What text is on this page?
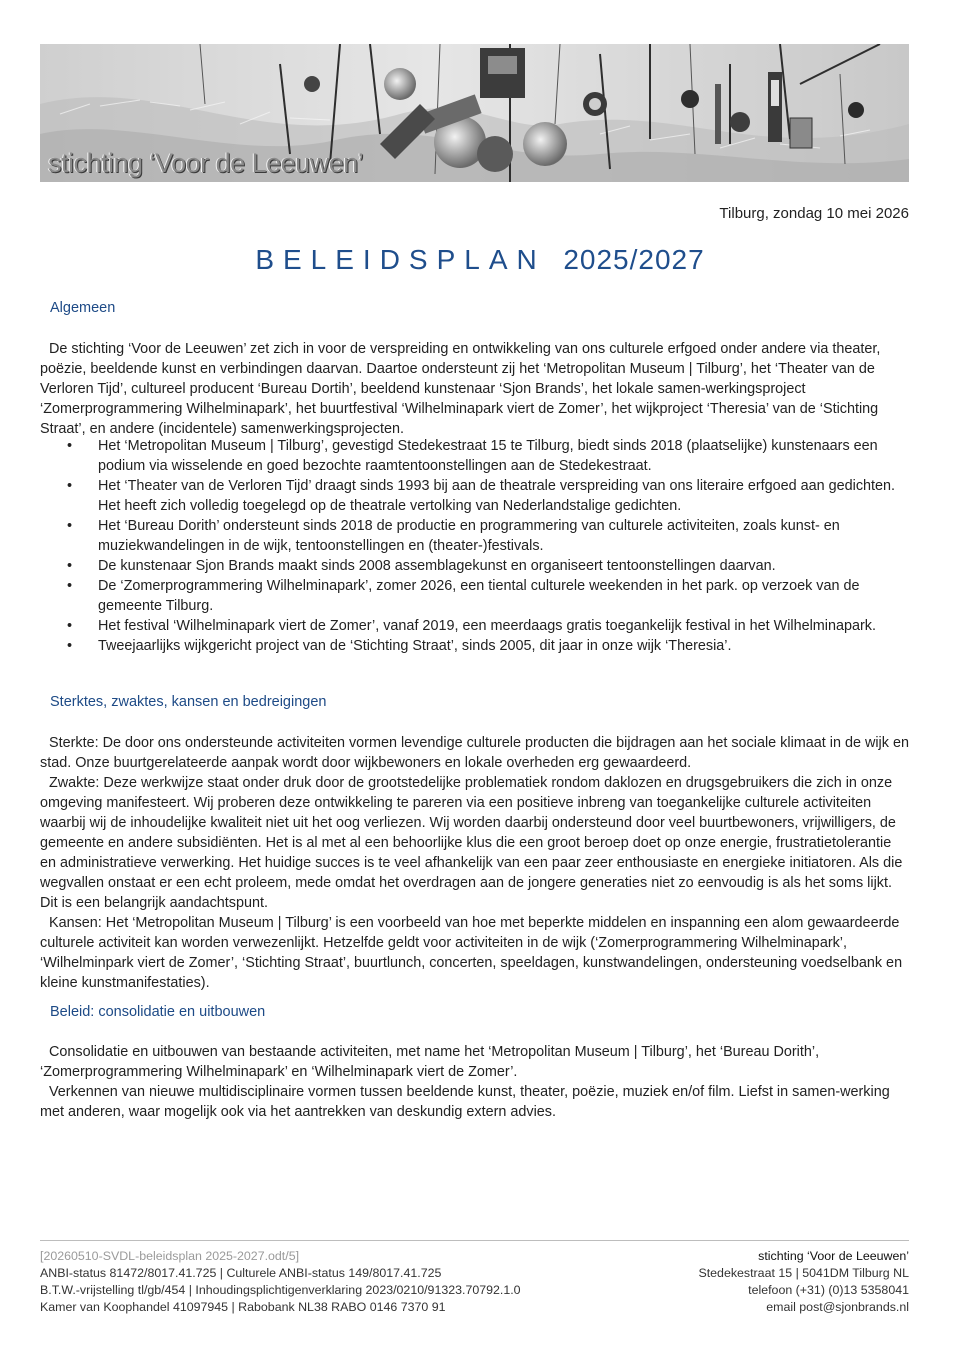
stichting ‘Voor de Leeuwen’
Tilburg, zondag 10 mei 2026
BELEIDSPLAN 2025/2027
Algemeen

De stichting ‘Voor de Leeuwen’ zet zich in voor de verspreiding en ontwikkeling van ons culturele erfgoed onder andere via theater, poëzie, beeldende kunst en verbindingen daarvan. Daartoe ondersteunt zij het ‘Metropolitan Museum | Tilburg’, het ‘Theater van de Verloren Tijd’, cultureel producent ‘Bureau Dortih’, beeldend kunstenaar ‘Sjon Brands’, het lokale samen-werkingsproject ‘Zomerprogrammering Wilhelminapark’, het buurtfestival ‘Wilhelminapark viert de Zomer’, het wijkproject ‘Theresia’ van de ‘Stichting Straat’, en andere (incidentele) samenwerkingsprojecten.

• Het ‘Metropolitan Museum | Tilburg’, gevestigd Stedekestraat 15 te Tilburg, biedt sinds 2018 (plaatselijke) kunstenaars een podium via wisselende en goed bezochte raamtentoonstellingen aan de Stedekestraat.
• Het ‘Theater van de Verloren Tijd’ draagt sinds 1993 bij aan de theatrale verspreiding van ons literaire erfgoed aan gedichten. Het heeft zich volledig toegelegd op de theatrale vertolking van Nederlandstalige gedichten.
• Het ‘Bureau Dorith’ ondersteunt sinds 2018 de productie en programmering van culturele activiteiten, zoals kunst- en muziekwandelingen in de wijk, tentoonstellingen en (theater-)festivals.
• De kunstenaar Sjon Brands maakt sinds 2008 assemblagekunst en organiseert tentoonstellingen daarvan.
• De ‘Zomerprogrammering Wilhelminapark’, zomer 2026, een tiental culturele weekenden in het park. op verzoek van de gemeente Tilburg.
• Het festival ‘Wilhelminapark viert de Zomer’, vanaf 2019, een meerdaags gratis toegankelijk festival in het Wilhelminapark.
• Tweejaarlijks wijkgericht project van de ‘Stichting Straat’, sinds 2005, dit jaar in onze wijk ‘Theresia’.
Sterktes, zwaktes, kansen en bedreigingen

Sterkte: De door ons ondersteunde activiteiten vormen levendige culturele producten die bijdragen aan het sociale klimaat in de wijk en stad. Onze buurtgerelateerde aanpak wordt door wijkbewoners en lokale overheden erg gewaardeerd.

Zwakte: Deze werkwijze staat onder druk door de grootstedelijke problematiek rondom daklozen en drugsgebruikers die zich in onze omgeving manifesteert. Wij proberen deze ontwikkeling te pareren via een positieve inbreng van toegankelijke culturele activiteiten waarbij wij de inhoudelijke kwaliteit niet uit het oog verliezen. Wij worden daarbij ondersteund door veel buurtbewoners, vrijwilligers, de gemeente en andere subsidiënten. Het is al met al een behoorlijke klus die een groot beroep doet op onze energie, frustratietolerantie en administratieve verwerking. Het huidige succes is te veel afhankelijk van een paar zeer enthousiaste en energieke initiatoren. Als die wegvallen onstaat er een echt proleem, mede omdat het overdragen aan de jongere generaties niet zo eenvoudig is als het soms lijkt. Dit is een belangrijk aandachtspunt.

Kansen: Het ‘Metropolitan Museum | Tilburg’ is een voorbeeld van hoe met beperkte middelen en inspanning een alom gewaardeerde culturele activiteit kan worden verwezenlijkt. Hetzelfde geldt voor activiteiten in de wijk (‘Zomerprogrammering Wilhelminapark’, ‘Wilhelminpark viert de Zomer’, ‘Stichting Straat’, buurtlunch, concerten, speeldagen, kunstwandelingen, ondersteuning voedselbank en kleine kunstmanifestaties).

Beleid: consolidatie en uitbouwen

Consolidatie en uitbouwen van bestaande activiteiten, met name het ‘Metropolitan Museum | Tilburg’, het ‘Bureau Dorith’, ‘Zomerprogrammering Wilhelminapark’ en ‘Wilhelminapark viert de Zomer’.

Verkennen van nieuwe multidisciplinaire vormen tussen beeldende kunst, theater, poëzie, muziek en/of film. Liefst in samen-werking met anderen, waar mogelijk ook via het aantrekken van deskundig extern advies.

[20260510-SVDL-beleidsplan 2025-2027.odt/5]
ANBI-status 81472/8017.41.725 | Culturele ANBI-status 149/8017.41.725
B.T.W.-vrijstelling tl/gb/454 | Inhoudingsplichtigenverklaring 2023/0210/91323.70792.1.0
Kamer van Koophandel 41097945 | Rabobank NL38 RABO 0146 7370 91
stichting ‘Voor de Leeuwen’
Stedekestraat 15 | 5041DM Tilburg NL
telefoon (+31) (0)13 5358041
email post@sjonbrands.nl
